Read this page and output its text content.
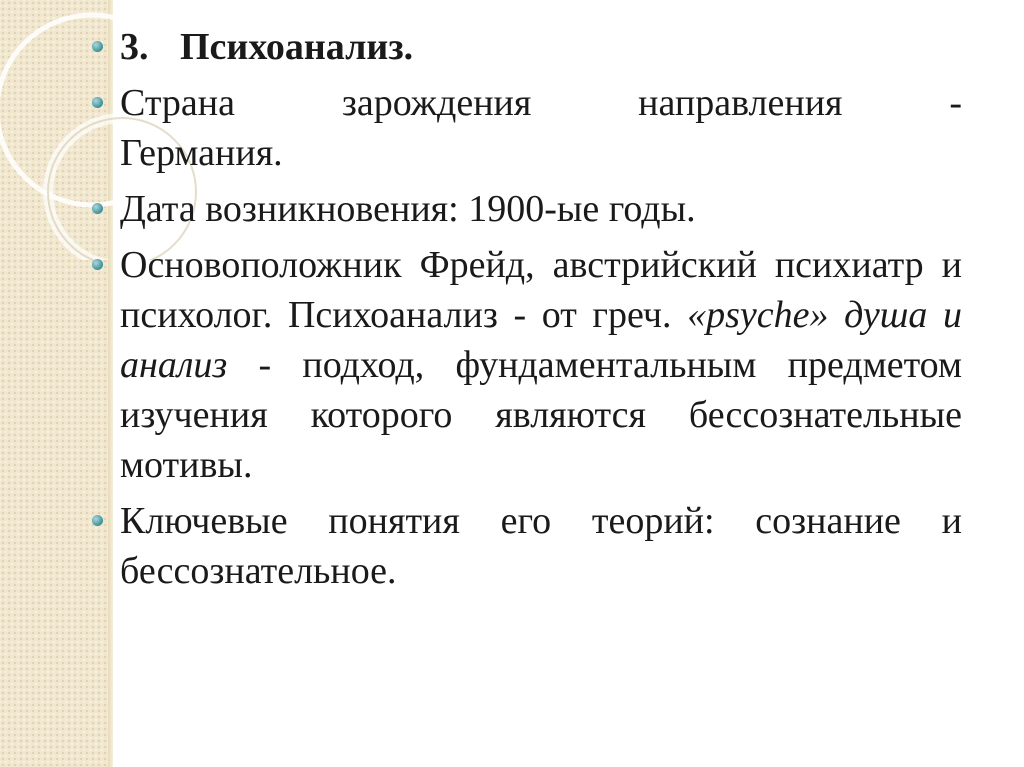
3. Психоанализ.
Страна зарождения направления -
Германия.
Дата возникновения: 1900-ые годы.
Основоположник Фрейд, австрийский психиатр и психолог. Психоанализ - от греч. «psyche» душа и анализ - подход, фундаментальным предметом изучения которого являются бессознательные мотивы.
Ключевые понятия его теорий: сознание и бессознательное.
